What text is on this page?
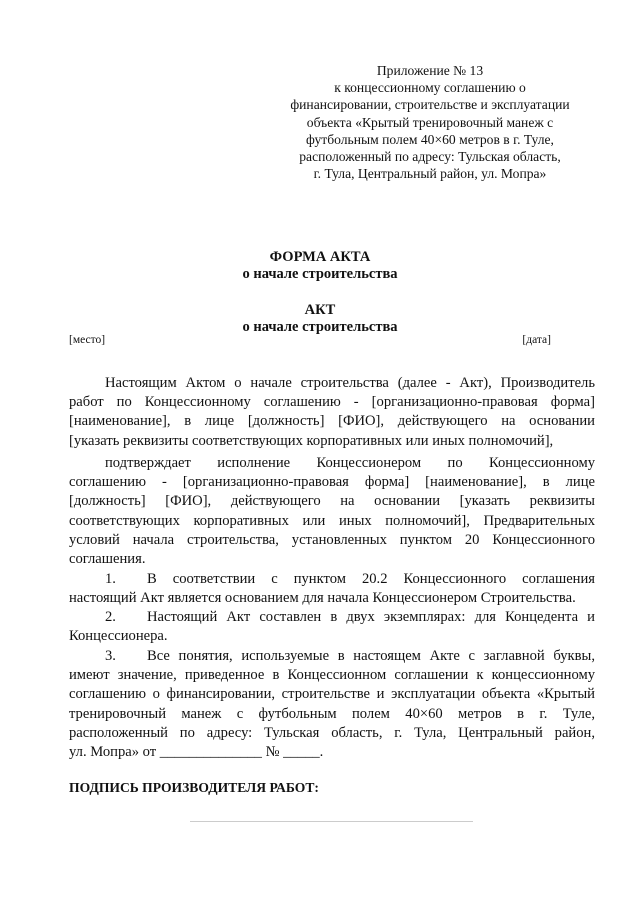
Приложение № 13
к концессионному соглашению о
финансировании, строительстве и эксплуатации
объекта «Крытый тренировочный манеж с
футбольным полем 40×60 метров в г. Туле,
расположенный по адресу: Тульская область,
г. Тула, Центральный район, ул. Мопра»
ФОРМА АКТА
о начале строительства
АКТ
о начале строительства
[место]	[дата]
Настоящим Актом о начале строительства (далее - Акт), Производитель
работ по Концессионному соглашению - [организационно-правовая форма]
[наименование], в лице [должность] [ФИО], действующего на основании
[указать реквизиты соответствующих корпоративных или иных полномочий],
подтверждает исполнение Концессионером по Концессионному
соглашению - [организационно-правовая форма] [наименование], в лице
[должность] [ФИО], действующего на основании [указать реквизиты
соответствующих корпоративных или иных полномочий], Предварительных
условий начала строительства, установленных пунктом 20 Концессионного
соглашения.
1. В соответствии с пунктом 20.2 Концессионного соглашения
настоящий Акт является основанием для начала Концессионером Строительства.
2. Настоящий Акт составлен в двух экземплярах: для Концедента и
Концессионера.
3. Все понятия, используемые в настоящем Акте с заглавной буквы,
имеют значение, приведенное в Концессионном соглашении к концессионному
соглашению о финансировании, строительстве и эксплуатации объекта «Крытый
тренировочный манеж с футбольным полем 40×60 метров в г. Туле,
расположенный по адресу: Тульская область, г. Тула, Центральный район,
ул. Мопра» от ______________ № _____.
ПОДПИСЬ ПРОИЗВОДИТЕЛЯ РАБОТ:
